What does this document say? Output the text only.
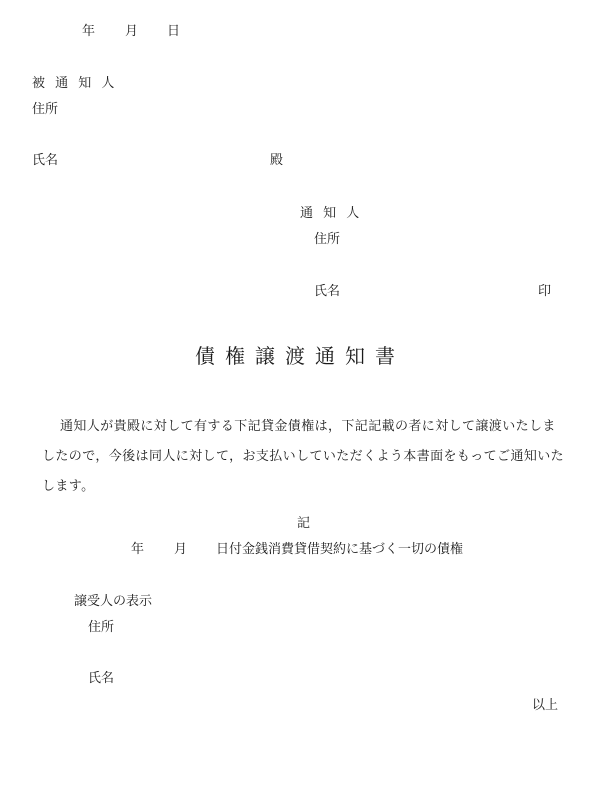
年 月 日
被 通 知 人
住所
氏名	殿
通 知 人
住所
氏名	印
債権譲渡通知書
通知人が貴殿に対して有する下記貸金債権は，下記記載の者に対して譲渡いたしましたので，今後は同人に対して，お支払いしていただくよう本書面をもってご通知いたします。
記
年 月 日付金銭消費貸借契約に基づく一切の債権
譲受人の表示
住所
氏名
以上
